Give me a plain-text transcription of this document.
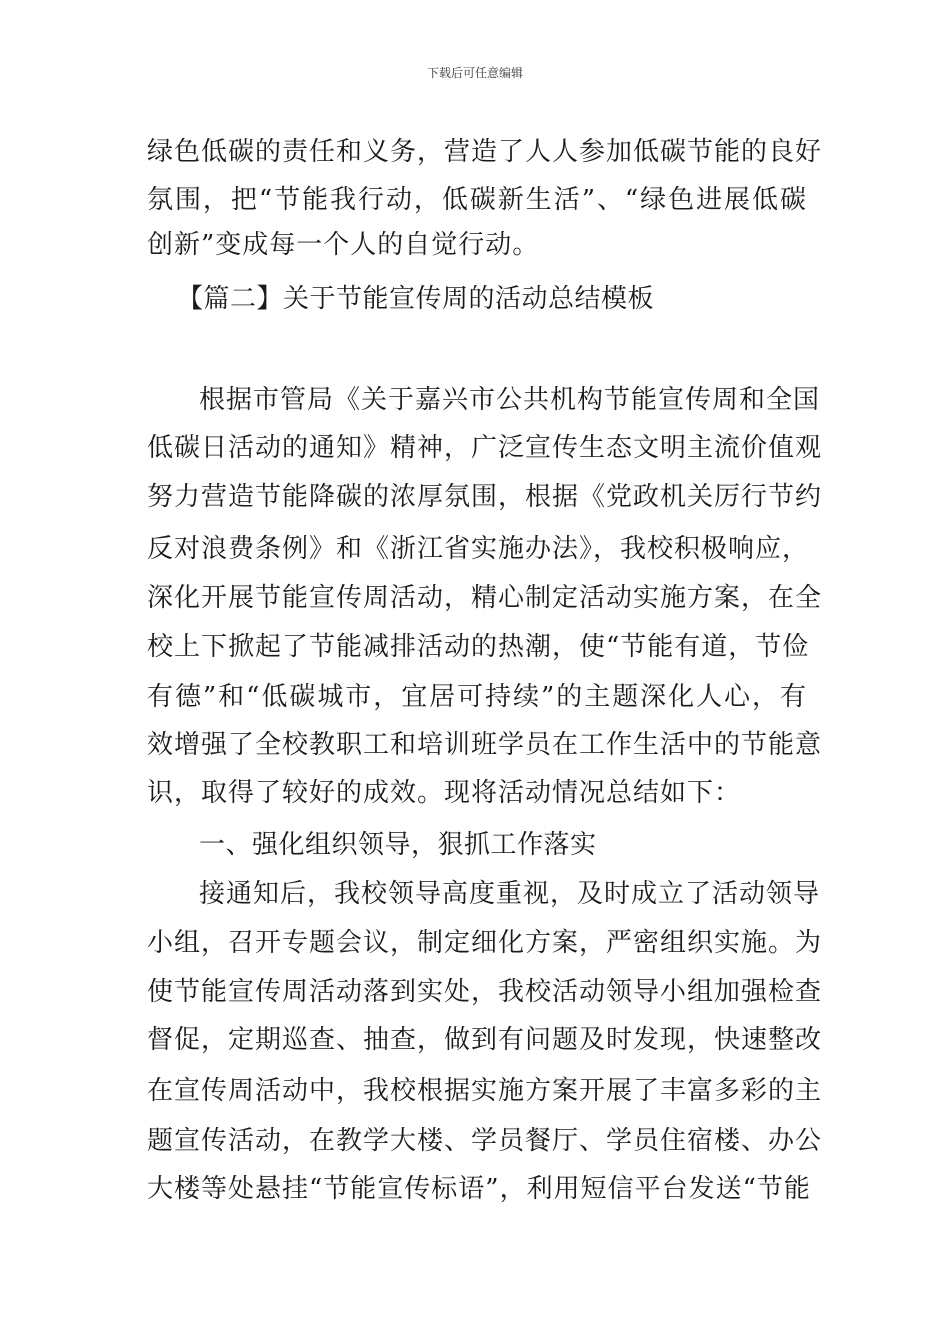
下载后可任意编辑
绿色低碳的责任和义务，营造了人人参加低碳节能的良好
氛围，把“节能我行动，低碳新生活”、“绿色进展低碳
创新”变成每一个人的自觉行动。
【篇二】关于节能宣传周的活动总结模板
根据市管局《关于嘉兴市公共机构节能宣传周和全国
低碳日活动的通知》精神，广泛宣传生态文明主流价值观
努力营造节能降碳的浓厚氛围，根据《党政机关厉行节约
反对浪费条例》和《浙江省实施办法》，我校积极响应，
深化开展节能宣传周活动，精心制定活动实施方案，在全
校上下掀起了节能减排活动的热潮，使“节能有道，节俭
有德”和“低碳城市，宜居可持续”的主题深化人心，有
效增强了全校教职工和培训班学员在工作生活中的节能意
识，取得了较好的成效。现将活动情况总结如下：
一、强化组织领导，狠抓工作落实
接通知后，我校领导高度重视，及时成立了活动领导
小组，召开专题会议，制定细化方案，严密组织实施。为
使节能宣传周活动落到实处，我校活动领导小组加强检查
督促，定期巡查、抽查，做到有问题及时发现，快速整改
在宣传周活动中，我校根据实施方案开展了丰富多彩的主
题宣传活动，在教学大楼、学员餐厅、学员住宿楼、办公
大楼等处悬挂“节能宣传标语”，利用短信平台发送“节能
